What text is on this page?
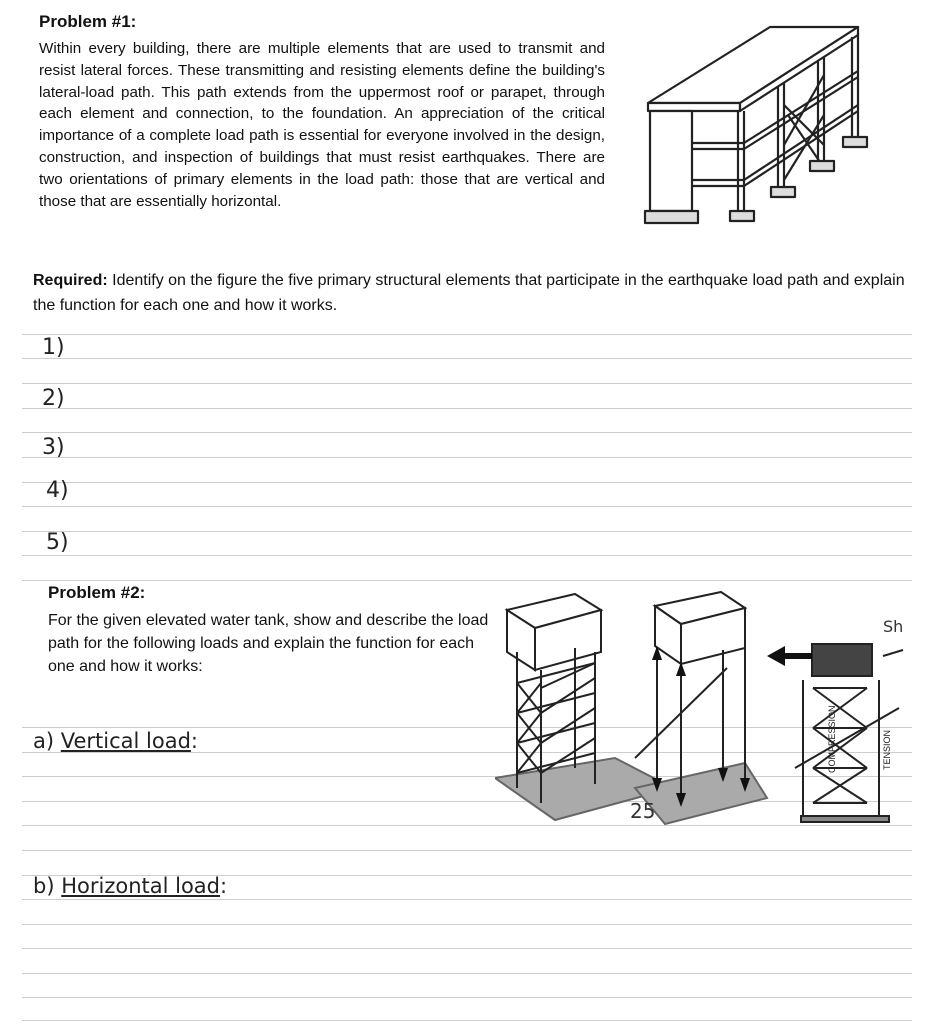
Problem #1:
Within every building, there are multiple elements that are used to transmit and resist lateral forces. These transmitting and resisting elements define the building's lateral-load path. This path extends from the uppermost roof or parapet, through each element and connection, to the foundation. An appreciation of the critical importance of a complete load path is essential for everyone involved in the design, construction, and inspection of buildings that must resist earthquakes. There are two orientations of primary elements in the load path: those that are vertical and those that are essentially horizontal.
Required: Identify on the figure the five primary structural elements that participate in the earthquake load path and explain the function for each one and how it works.
1)
2)
3)
4)
5)
Problem #2:
For the given elevated water tank, show and describe the load path for the following loads and explain the function for each one and how it works:
25
COMPRESSION	TENSION
Sh
a) Vertical load:
b) Horizontal load:
